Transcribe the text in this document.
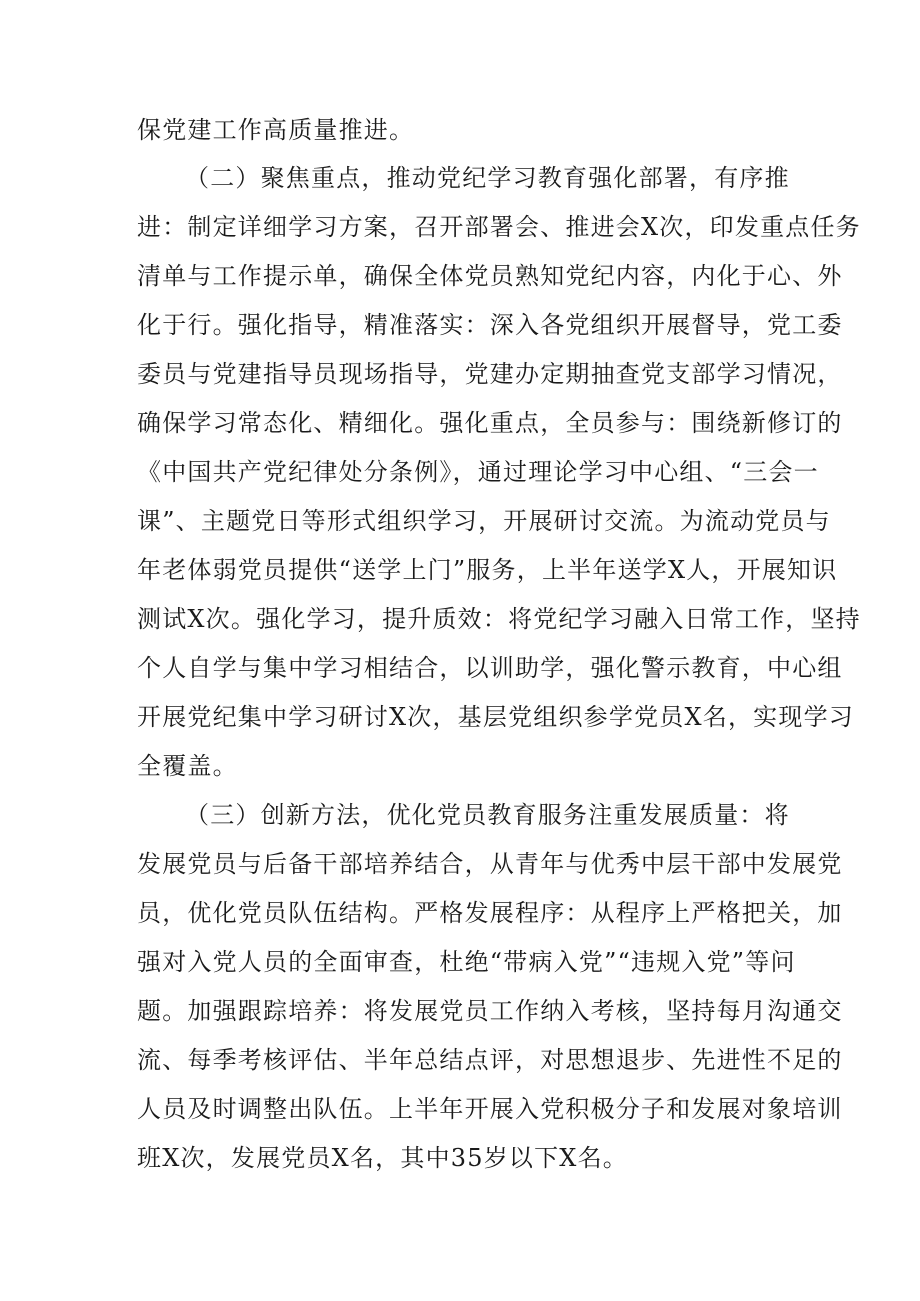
保党建工作高质量推进。
（二）聚焦重点，推动党纪学习教育强化部署，有序推
进：制定详细学习方案，召开部署会、推进会X次，印发重点任务
清单与工作提示单，确保全体党员熟知党纪内容，内化于心、外
化于行。强化指导，精准落实：深入各党组织开展督导，党工委
委员与党建指导员现场指导，党建办定期抽查党支部学习情况，
确保学习常态化、精细化。强化重点，全员参与：围绕新修订的
《中国共产党纪律处分条例》，通过理论学习中心组、“三会一
课”、主题党日等形式组织学习，开展研讨交流。为流动党员与
年老体弱党员提供“送学上门”服务，上半年送学X人，开展知识
测试X次。强化学习，提升质效：将党纪学习融入日常工作，坚持
个人自学与集中学习相结合，以训助学，强化警示教育，中心组
开展党纪集中学习研讨X次，基层党组织参学党员X名，实现学习
全覆盖。
（三）创新方法，优化党员教育服务注重发展质量：将
发展党员与后备干部培养结合，从青年与优秀中层干部中发展党
员，优化党员队伍结构。严格发展程序：从程序上严格把关，加
强对入党人员的全面审查，杜绝“带病入党”“违规入党”等问
题。加强跟踪培养：将发展党员工作纳入考核，坚持每月沟通交
流、每季考核评估、半年总结点评，对思想退步、先进性不足的
人员及时调整出队伍。上半年开展入党积极分子和发展对象培训
班X次，发展党员X名，其中35岁以下X名。
